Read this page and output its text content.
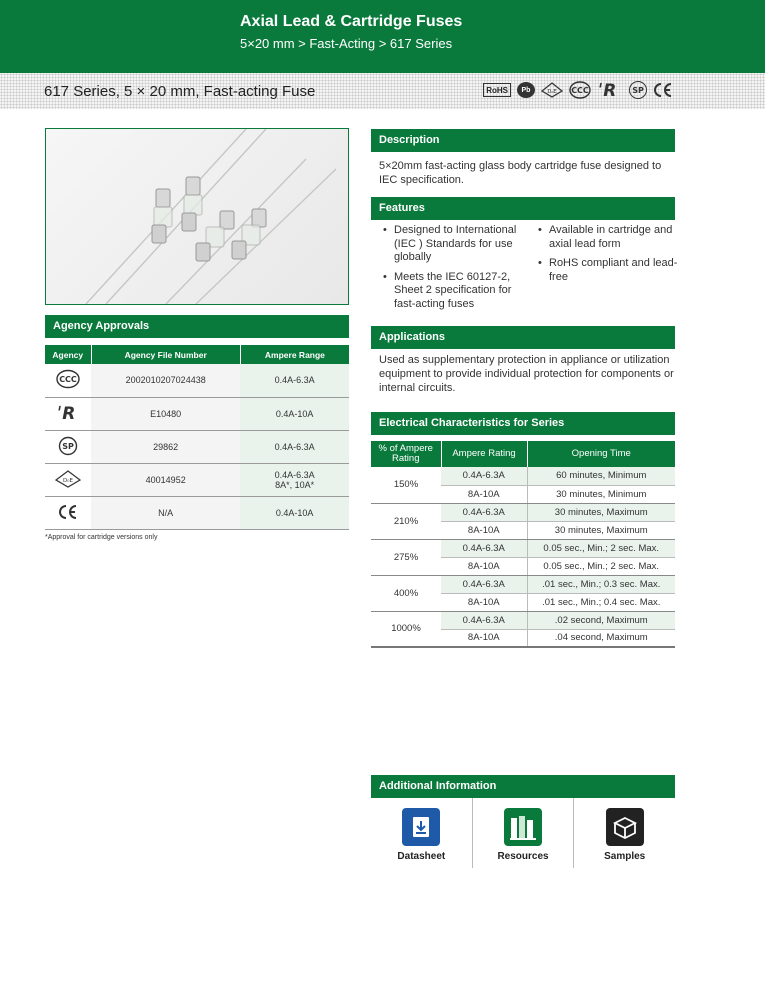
Axial Lead & Cartridge Fuses
5×20 mm > Fast-Acting > 617 Series
617 Series, 5 × 20 mm, Fast-acting Fuse	RoHS	Pb	D₀E CCC ˈR SP
Agency Approvals
Agency	Agency File Number	Ampere Range

CCC	2002010207024438	0.4A-6.3A

ˈR	E10480	0.4A-10A

SP	29862	0.4A-6.3A

D₀E	40014952	0.4A-6.3A
8A*, 10A*

	N/A	0.4A-10A
*Approval for cartridge versions only
Description
5×20mm fast-acting glass body cartridge fuse designed to IEC specification.
Features
• Designed to International (IEC ) Standards for use globally
• Meets the IEC 60127-2, Sheet 2 specification for fast-acting fuses
• Available in cartridge and axial lead form
• RoHS compliant and lead-free
Applications
Used as supplementary protection in appliance or utilization equipment to provide individual protection for components or internal circuits.
Electrical Characteristics for Series
% of Ampere Rating	Ampere Rating	Opening Time
150%	0.4A-6.3A	60 minutes, Minimum
	8A-10A	30 minutes, Minimum
210%	0.4A-6.3A	30 minutes, Maximum
	8A-10A	30 minutes, Maximum
275%	0.4A-6.3A	0.05 sec., Min.; 2 sec. Max.
	8A-10A	0.05 sec., Min.; 2 sec. Max.
400%	0.4A-6.3A	.01 sec., Min.; 0.3 sec. Max.
	8A-10A	.01 sec., Min.; 0.4 sec. Max.
1000%	0.4A-6.3A	.02 second, Maximum
	8A-10A	.04 second, Maximum
Additional Information
Datasheet	Resources	Samples
